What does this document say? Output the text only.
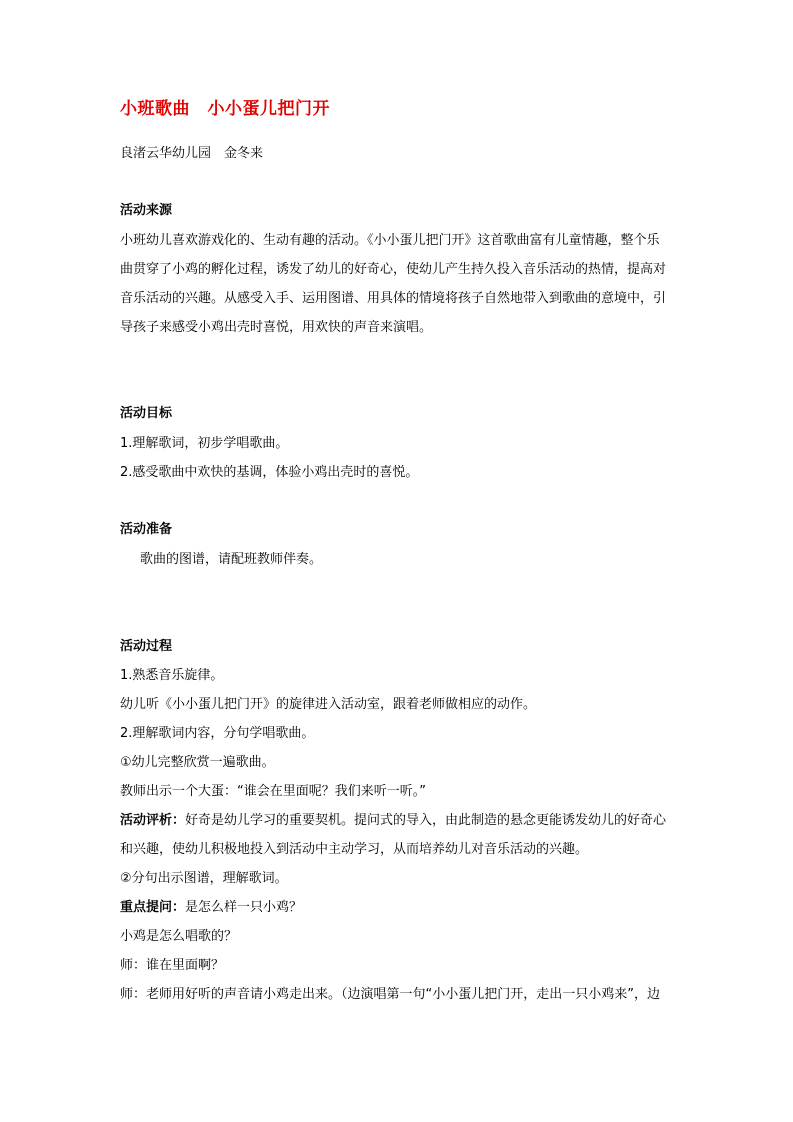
小班歌曲　小小蛋儿把门开
良渚云华幼儿园　金冬来
活动来源
小班幼儿喜欢游戏化的、生动有趣的活动。《小小蛋儿把门开》这首歌曲富有儿童情趣，整个乐
曲贯穿了小鸡的孵化过程，诱发了幼儿的好奇心，使幼儿产生持久投入音乐活动的热情，提高对
音乐活动的兴趣。从感受入手、运用图谱、用具体的情境将孩子自然地带入到歌曲的意境中，引
导孩子来感受小鸡出壳时喜悦，用欢快的声音来演唱。
活动目标
1.理解歌词，初步学唱歌曲。
2.感受歌曲中欢快的基调，体验小鸡出壳时的喜悦。
活动准备
歌曲的图谱，请配班教师伴奏。
活动过程
1.熟悉音乐旋律。
幼儿听《小小蛋儿把门开》的旋律进入活动室，跟着老师做相应的动作。
2.理解歌词内容，分句学唱歌曲。
①幼儿完整欣赏一遍歌曲。
教师出示一个大蛋：“谁会在里面呢？我们来听一听。”
活动评析：好奇是幼儿学习的重要契机。提问式的导入，由此制造的悬念更能诱发幼儿的好奇心
和兴趣，使幼儿积极地投入到活动中主动学习，从而培养幼儿对音乐活动的兴趣。
②分句出示图谱，理解歌词。
重点提问：是怎么样一只小鸡？
小鸡是怎么唱歌的？
师：谁在里面啊？
师：老师用好听的声音请小鸡走出来。（边演唱第一句“小小蛋儿把门开，走出一只小鸡来”，边
